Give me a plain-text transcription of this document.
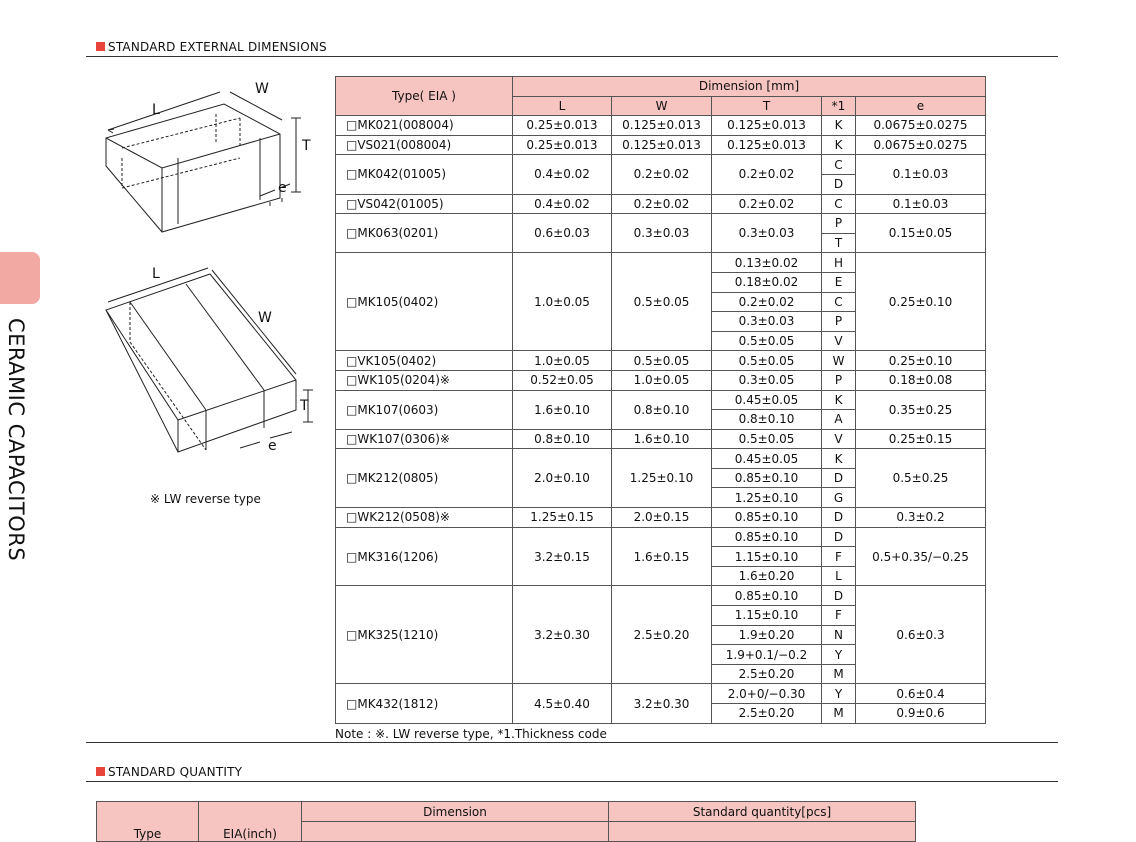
STANDARD EXTERNAL DIMENSIONS
CERAMIC CAPACITORS
L
W
T
e
L
W
T
e
※ LW reverse type
Type( EIA )	Dimension [mm]				
	L	W	T	*1	e
□MK021(008004)	0.25±0.013	0.125±0.013	0.125±0.013	K	0.0675±0.0275
□VS021(008004)	0.25±0.013	0.125±0.013	0.125±0.013	K	0.0675±0.0275
□MK042(01005)	0.4±0.02	0.2±0.02	0.2±0.02	C	0.1±0.03
				D	
□VS042(01005)	0.4±0.02	0.2±0.02	0.2±0.02	C	0.1±0.03
□MK063(0201)	0.6±0.03	0.3±0.03	0.3±0.03	P	0.15±0.05
				T	
□MK105(0402)	1.0±0.05	0.5±0.05	0.13±0.02	H	0.25±0.10
			0.18±0.02	E	
			0.2±0.02	C	
			0.3±0.03	P	
			0.5±0.05	V	
□VK105(0402)	1.0±0.05	0.5±0.05	0.5±0.05	W	0.25±0.10
□WK105(0204)※	0.52±0.05	1.0±0.05	0.3±0.05	P	0.18±0.08
□MK107(0603)	1.6±0.10	0.8±0.10	0.45±0.05	K	0.35±0.25
			0.8±0.10	A	
□WK107(0306)※	0.8±0.10	1.6±0.10	0.5±0.05	V	0.25±0.15
□MK212(0805)	2.0±0.10	1.25±0.10	0.45±0.05	K	0.5±0.25
			0.85±0.10	D	
			1.25±0.10	G	
□WK212(0508)※	1.25±0.15	2.0±0.15	0.85±0.10	D	0.3±0.2
□MK316(1206)	3.2±0.15	1.6±0.15	0.85±0.10	D	0.5+0.35/−0.25
			1.15±0.10	F	
			1.6±0.20	L	
□MK325(1210)	3.2±0.30	2.5±0.20	0.85±0.10	D	0.6±0.3
			1.15±0.10	F	
			1.9±0.20	N	
			1.9+0.1/−0.2	Y	
			2.5±0.20	M	
□MK432(1812)	4.5±0.40	3.2±0.30	2.0+0/−0.30	Y	0.6±0.4
			2.5±0.20	M	0.9±0.6
Note : ※. LW reverse type, *1.Thickness code
STANDARD QUANTITY
Type	EIA(inch)	Dimension	Standard quantity[pcs]
